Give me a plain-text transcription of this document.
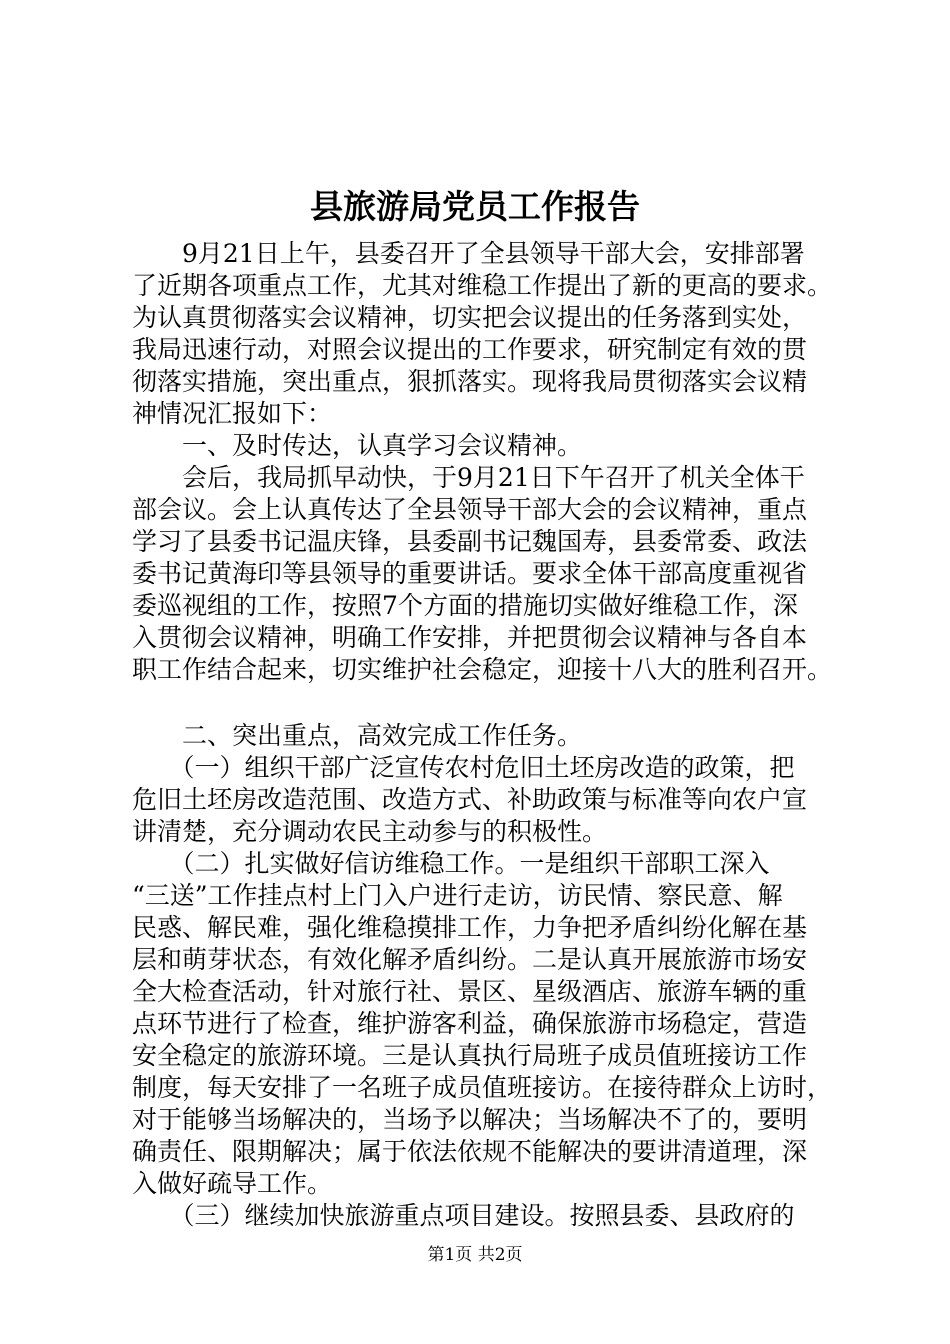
县旅游局党员工作报告
　　9月21日上午，县委召开了全县领导干部大会，安排部署
了近期各项重点工作，尤其对维稳工作提出了新的更高的要求。
为认真贯彻落实会议精神，切实把会议提出的任务落到实处，
我局迅速行动，对照会议提出的工作要求，研究制定有效的贯
彻落实措施，突出重点，狠抓落实。现将我局贯彻落实会议精
神情况汇报如下：
　　一、及时传达，认真学习会议精神。
　　会后，我局抓早动快，于9月21日下午召开了机关全体干
部会议。会上认真传达了全县领导干部大会的会议精神，重点
学习了县委书记温庆锋，县委副书记魏国寿，县委常委、政法
委书记黄海印等县领导的重要讲话。要求全体干部高度重视省
委巡视组的工作，按照7个方面的措施切实做好维稳工作，深
入贯彻会议精神，明确工作安排，并把贯彻会议精神与各自本
职工作结合起来，切实维护社会稳定，迎接十八大的胜利召开。
　　二、突出重点，高效完成工作任务。
　　（一）组织干部广泛宣传农村危旧土坯房改造的政策，把
危旧土坯房改造范围、改造方式、补助政策与标准等向农户宣
讲清楚，充分调动农民主动参与的积极性。
　　（二）扎实做好信访维稳工作。一是组织干部职工深入
“三送”工作挂点村上门入户进行走访，访民情、察民意、解
民惑、解民难，强化维稳摸排工作，力争把矛盾纠纷化解在基
层和萌芽状态，有效化解矛盾纠纷。二是认真开展旅游市场安
全大检查活动，针对旅行社、景区、星级酒店、旅游车辆的重
点环节进行了检查，维护游客利益，确保旅游市场稳定，营造
安全稳定的旅游环境。三是认真执行局班子成员值班接访工作
制度，每天安排了一名班子成员值班接访。在接待群众上访时，
对于能够当场解决的，当场予以解决；当场解决不了的，要明
确责任、限期解决；属于依法依规不能解决的要讲清道理，深
入做好疏导工作。
　　（三）继续加快旅游重点项目建设。按照县委、县政府的
第1页 共2页
